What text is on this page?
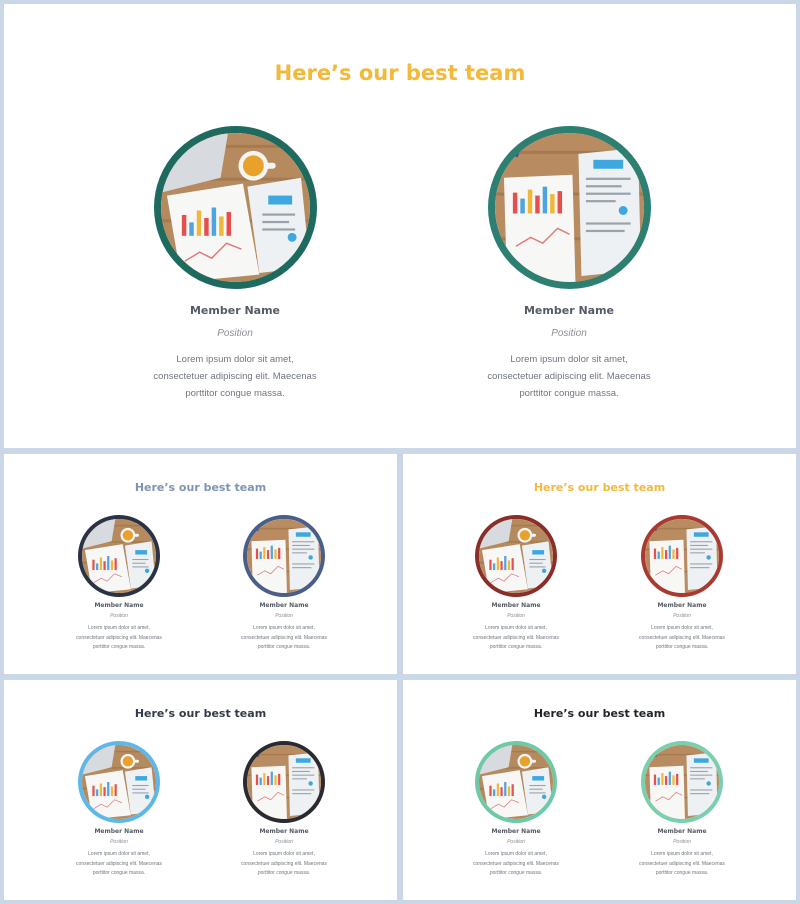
Here’s our best team
Member Name
Position
Lorem ipsum dolor sit amet,
consectetuer adipiscing elit. Maecenas
porttitor congue massa.
Member Name
Position
Lorem ipsum dolor sit amet,
consectetuer adipiscing elit. Maecenas
porttitor congue massa.
Here’s our best team
Member Name
Position
Lorem ipsum dolor sit amet,
consectetuer adipiscing elit. Maecenas
porttitor congue massa.
Member Name
Position
Lorem ipsum dolor sit amet,
consectetuer adipiscing elit. Maecenas
porttitor congue massa.
Here’s our best team
Member Name
Position
Lorem ipsum dolor sit amet,
consectetuer adipiscing elit. Maecenas
porttitor congue massa.
Member Name
Position
Lorem ipsum dolor sit amet,
consectetuer adipiscing elit. Maecenas
porttitor congue massa.
Here’s our best team
Member Name
Position
Lorem ipsum dolor sit amet,
consectetuer adipiscing elit. Maecenas
porttitor congue massa.
Member Name
Position
Lorem ipsum dolor sit amet,
consectetuer adipiscing elit. Maecenas
porttitor congue massa.
Here’s our best team
Member Name
Position
Lorem ipsum dolor sit amet,
consectetuer adipiscing elit. Maecenas
porttitor congue massa.
Member Name
Position
Lorem ipsum dolor sit amet,
consectetuer adipiscing elit. Maecenas
porttitor congue massa.
